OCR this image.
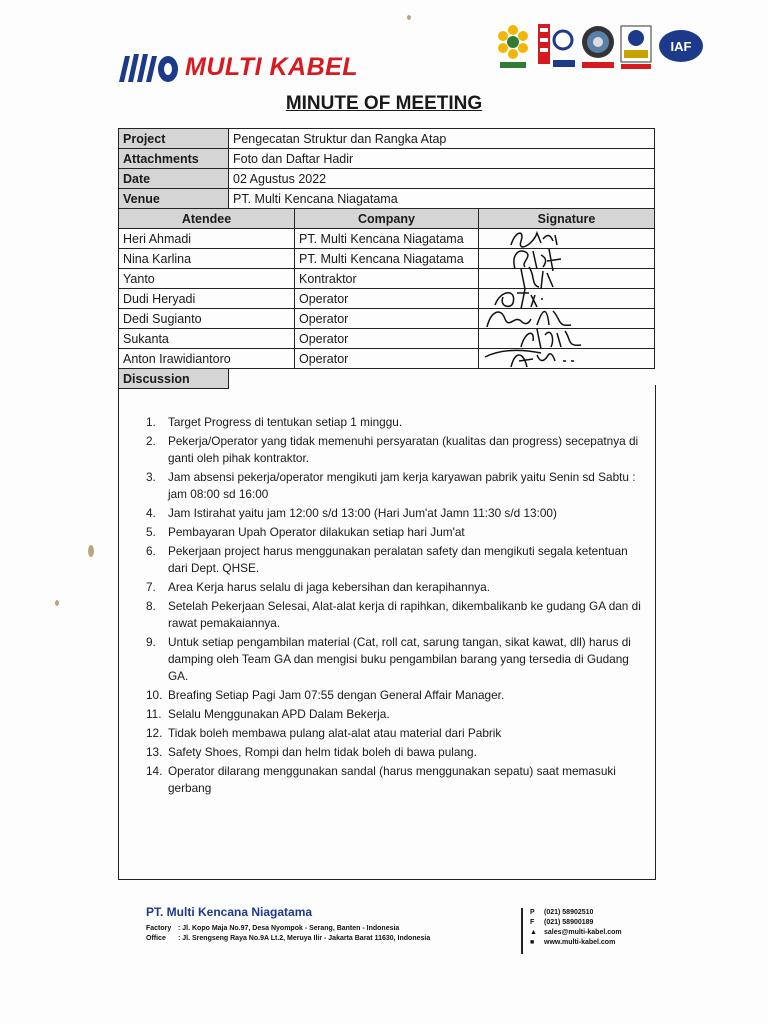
MULTI KABEL
IAF
MINUTE OF MEETING
Project	Pengecatan Struktur dan Rangka Atap		
Attachments	Foto dan Daftar Hadir		
Date	02 Agustus 2022		
Venue	PT. Multi Kencana Niagatama		
Atendee		Company	Signature
Heri Ahmadi		PT. Multi Kencana Niagatama	

Nina Karlina		PT. Multi Kencana Niagatama	

Yanto		Kontraktor	

Dudi Heryadi		Operator	

Dedi Sugianto		Operator	

Sukanta		Operator	

Anton Irawidiantoro		Operator	

Discussion			
1. Target Progress di tentukan setiap 1 minggu.
2. Pekerja/Operator yang tidak memenuhi persyaratan (kualitas dan progress) secepatnya di ganti oleh pihak kontraktor.
3. Jam absensi pekerja/operator mengikuti jam kerja karyawan pabrik yaitu Senin sd Sabtu : jam 08:00 sd 16:00
4. Jam Istirahat yaitu jam 12:00 s/d 13:00 (Hari Jum'at Jamn 11:30 s/d 13:00)
5. Pembayaran Upah Operator dilakukan setiap hari Jum'at
6. Pekerjaan project harus menggunakan peralatan safety dan mengikuti segala ketentuan dari Dept. QHSE.
7. Area Kerja harus selalu di jaga kebersihan dan kerapihannya.
8. Setelah Pekerjaan Selesai, Alat-alat kerja di rapihkan, dikembalikanb ke gudang GA dan di rawat pemakaiannya.
9. Untuk setiap pengambilan material (Cat, roll cat, sarung tangan, sikat kawat, dll) harus di damping oleh Team GA dan mengisi buku pengambilan barang yang tersedia di Gudang GA.
10. Breafing Setiap Pagi Jam 07:55 dengan General Affair Manager.
11. Selalu Menggunakan APD Dalam Bekerja.
12. Tidak boleh membawa pulang alat-alat atau material dari Pabrik
13. Safety Shoes, Rompi dan helm tidak boleh di bawa pulang.
14. Operator dilarang menggunakan sandal (harus menggunakan sepatu) saat memasuki gerbang
PT. Multi Kencana Niagatama
Factory : Jl. Kopo Maja No.97, Desa Nyompok - Serang, Banten - Indonesia
Office	: Jl. Srengseng Raya No.9A Lt.2, Meruya Ilir - Jakarta Barat 11630, Indonesia
P	(021) 58902510
F	(021) 58900189
▲ sales@multi-kabel.com
■	www.multi-kabel.com
